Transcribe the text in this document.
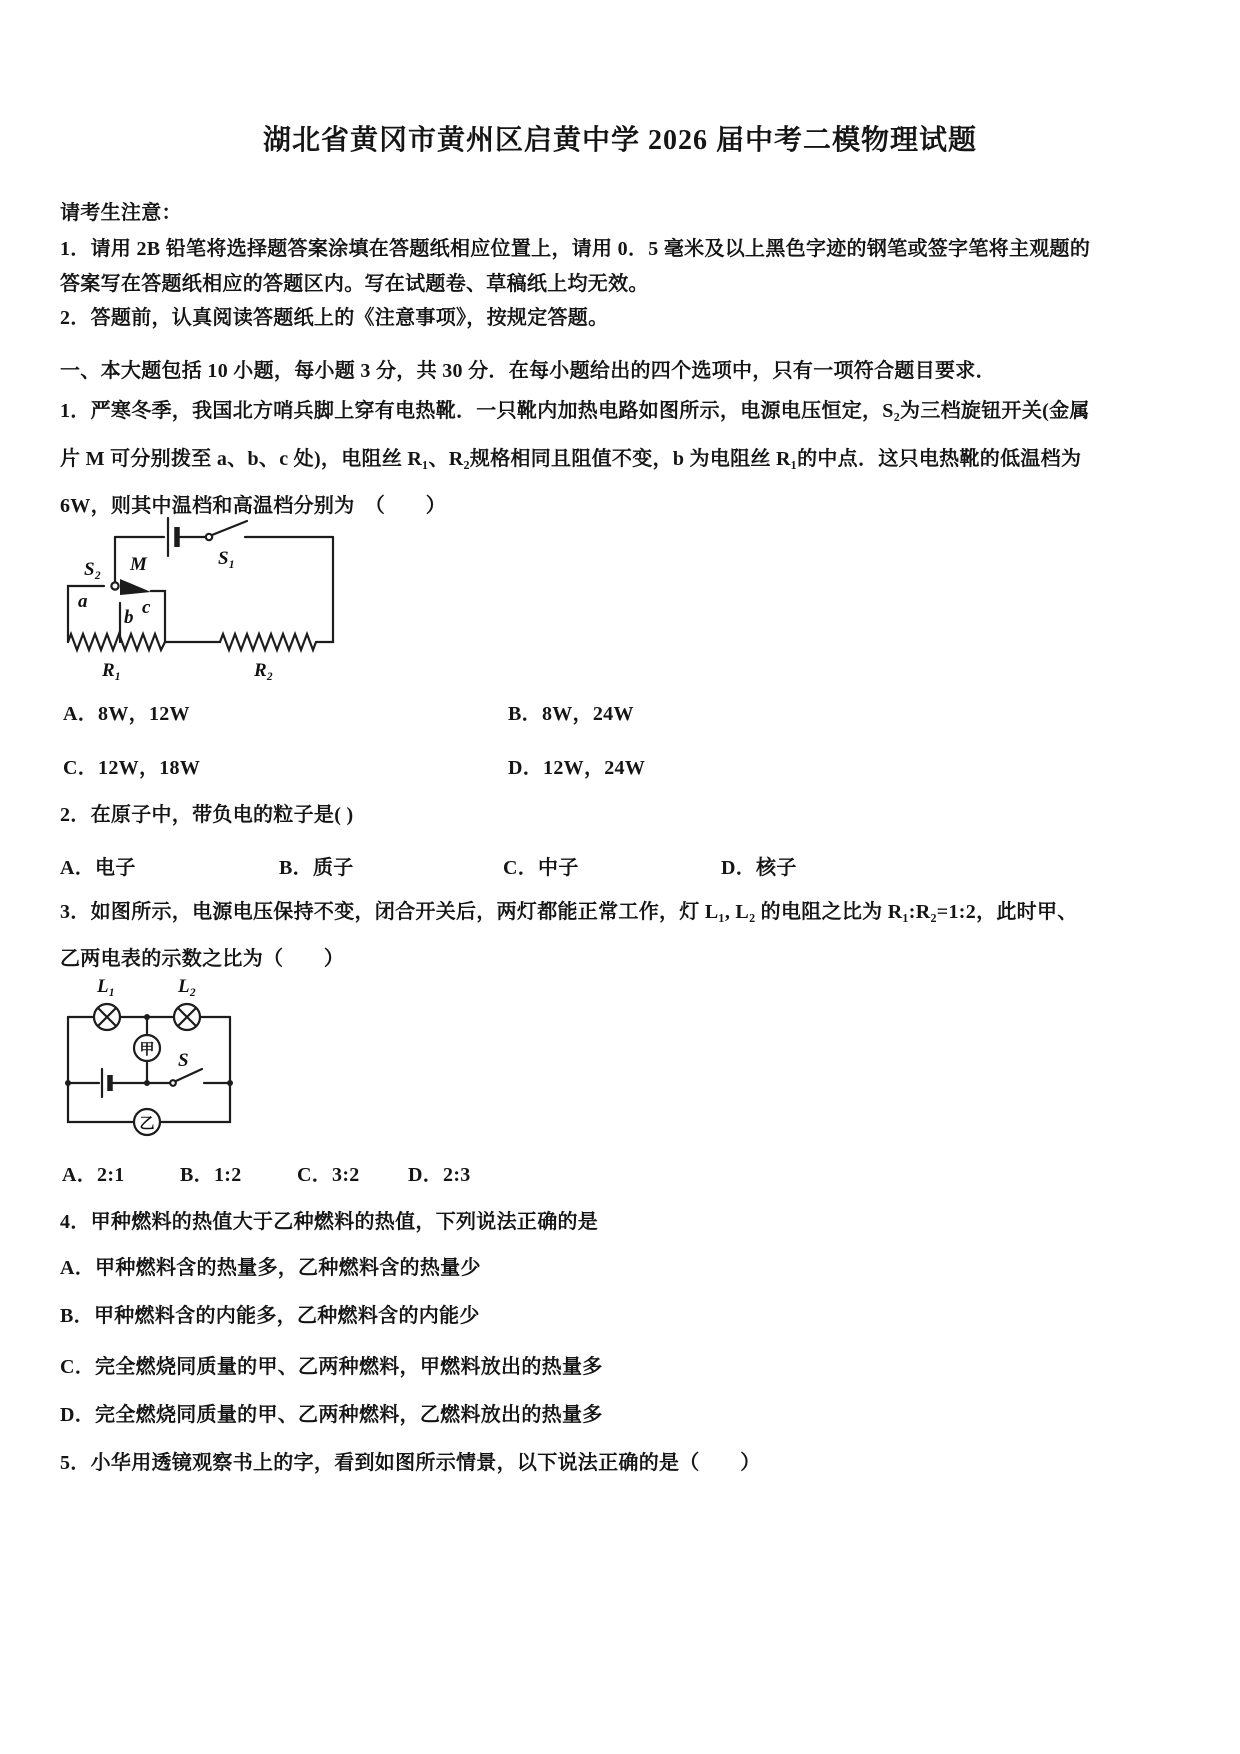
湖北省黄冈市黄州区启黄中学 2026 届中考二模物理试题
请考生注意：
1．请用 2B 铅笔将选择题答案涂填在答题纸相应位置上，请用 0．5 毫米及以上黑色字迹的钢笔或签字笔将主观题的
答案写在答题纸相应的答题区内。写在试题卷、草稿纸上均无效。
2．答题前，认真阅读答题纸上的《注意事项》，按规定答题。
一、本大题包括 10 小题，每小题 3 分，共 30 分．在每小题给出的四个选项中，只有一项符合题目要求．
1．严寒冬季，我国北方哨兵脚上穿有电热靴．一只靴内加热电路如图所示，电源电压恒定，S₂为三档旋钮开关(金属
片 M 可分别拨至 a、b、c 处)，电阻丝 R₁、R₂规格相同且阻值不变，b 为电阻丝 R₁的中点．这只电热靴的低温档为
6W，则其中温档和高温档分别为　（　　）
S₁
R₂
R₁
S₂ M
a	c
b
A．8W，12W	B．8W，24W
C．12W，18W	D．12W，24W
2．在原子中，带负电的粒子是( )
A．电子	B．质子	C．中子	D．核子
3．如图所示，电源电压保持不变，闭合开关后，两灯都能正常工作，灯 L₁, L₂ 的电阻之比为 R₁:R₂=1:2，此时甲、
乙两电表的示数之比为（　　）
L₁	L₂
甲 S
乙
A．2:1	B．1:2	C．3:2 D．2:3
4．甲种燃料的热值大于乙种燃料的热值，下列说法正确的是
A．甲种燃料含的热量多，乙种燃料含的热量少
B．甲种燃料含的内能多，乙种燃料含的内能少
C．完全燃烧同质量的甲、乙两种燃料，甲燃料放出的热量多
D．完全燃烧同质量的甲、乙两种燃料，乙燃料放出的热量多
5．小华用透镜观察书上的字，看到如图所示情景，以下说法正确的是（　　）
